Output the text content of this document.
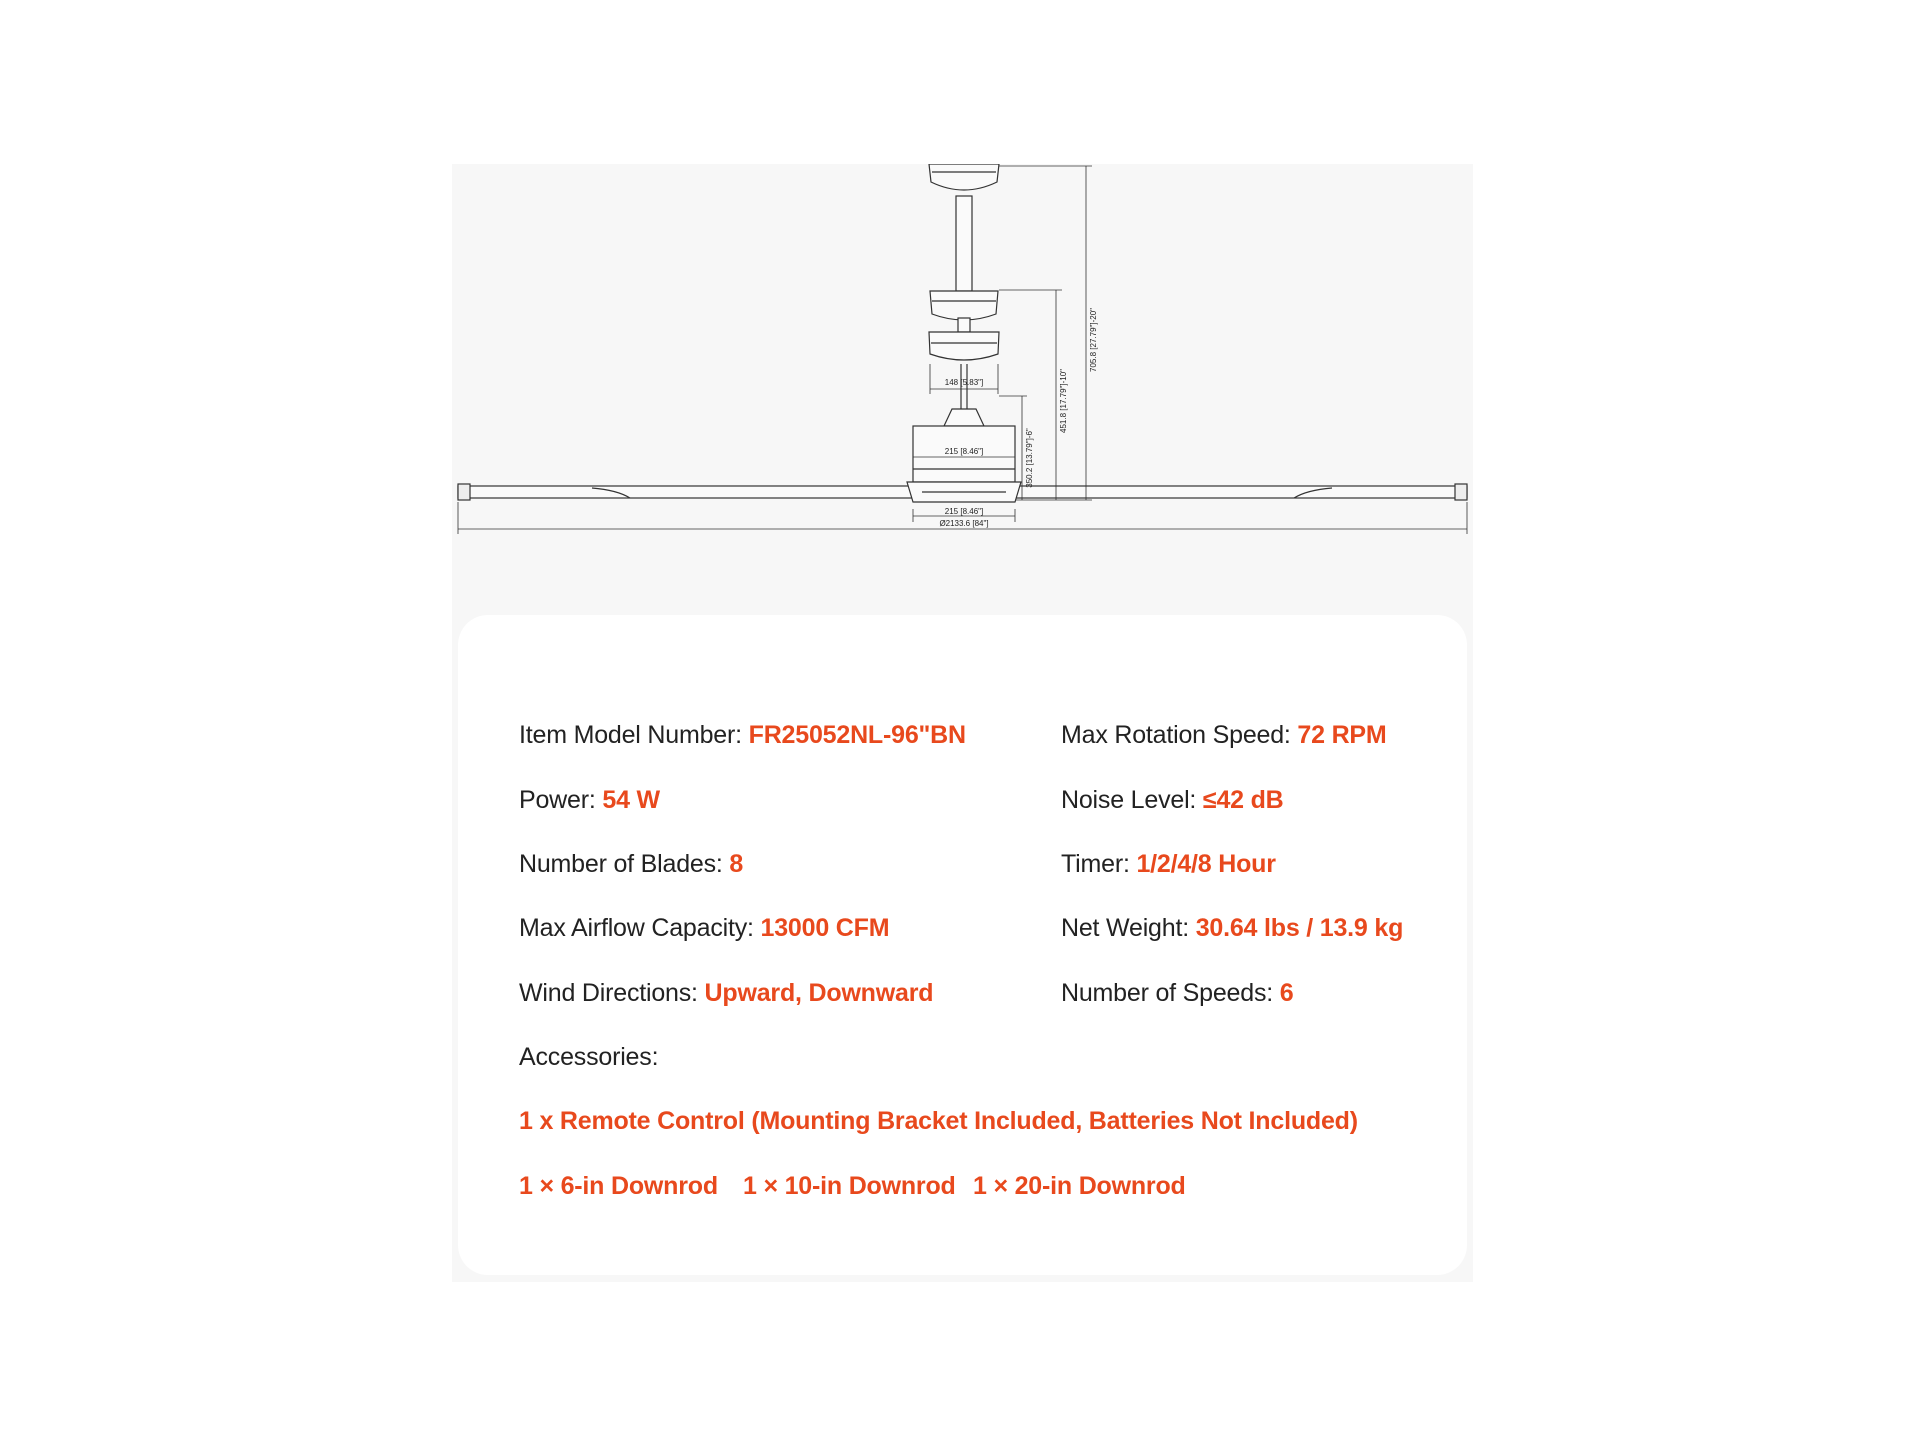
148 [5.83"]
215 [8.46"]
215 [8.46"]
Ø2133.6 [84"]
350.2 [13.79"]-6"
451.8 [17.79"]-10"
705.8 [27.79"]-20"
Item Model Number: FR25052NL-96"BN
Power: 54 W
Number of Blades: 8
Max Airflow Capacity: 13000 CFM
Wind Directions: Upward, Downward
Max Rotation Speed: 72 RPM
Noise Level: ≤42 dB
Timer: 1/2/4/8 Hour
Net Weight: 30.64 lbs / 13.9 kg
Number of Speeds: 6
Accessories:
1 x Remote Control (Mounting Bracket Included, Batteries Not Included)
1 × 6-in Downrod 1 × 10-in Downrod 1 × 20-in Downrod
